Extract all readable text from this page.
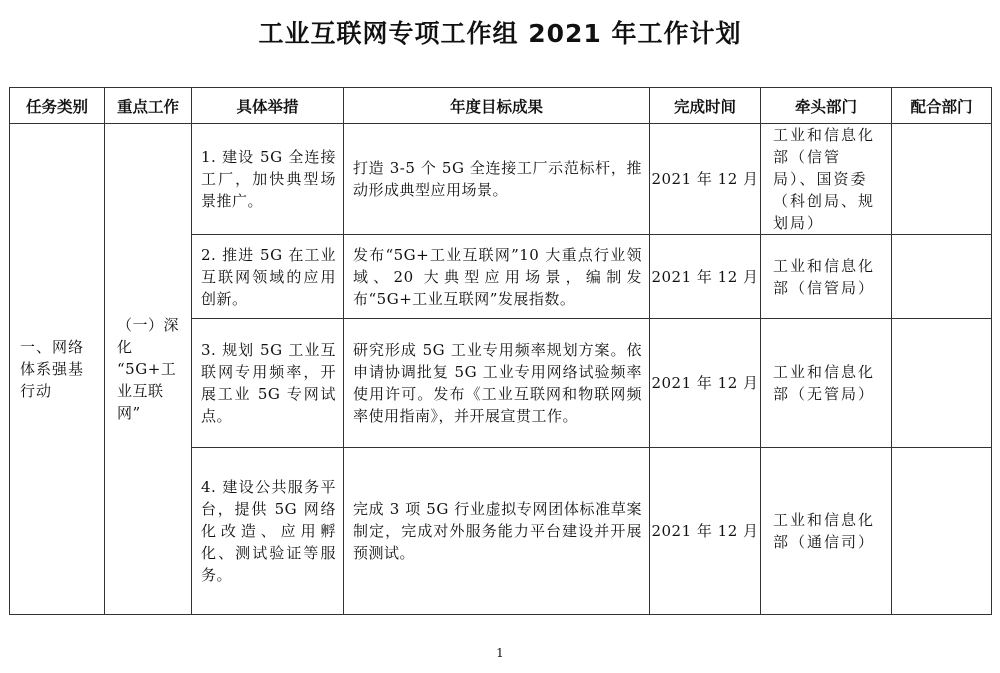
工业互联网专项工作组 2021 年工作计划
任务类别	重点工作	具体举措	年度目标成果	完成时间	牵头部门	配合部门

一、网络体系强基行动	（一）深化 “5G+工业互联网”	1. 建设 5G 全连接工厂，加快典型场景推广。	打造 3-5 个 5G 全连接工厂示范标杆，推动形成典型应用场景。	2021 年 12 月	工业和信息化部（信管局）、国资委（科创局、规划局）	

		2. 推进 5G 在工业互联网领域的应用创新。	发布“5G+工业互联网”10 大重点行业领域、20 大典型应用场景，编制发布“5G+工业互联网”发展指数。	2021 年 12 月	工业和信息化部（信管局）	

		3. 规划 5G 工业互联网专用频率，开展工业 5G 专网试点。	研究形成 5G 工业专用频率规划方案。依申请协调批复 5G 工业专用网络试验频率使用许可。发布《工业互联网和物联网频率使用指南》，并开展宣贯工作。	2021 年 12 月	工业和信息化部（无管局）	

		4. 建设公共服务平台，提供 5G 网络化改造、应用孵化、测试验证等服务。	完成 3 项 5G 行业虚拟专网团体标准草案制定，完成对外服务能力平台建设并开展预测试。	2021 年 12 月	工业和信息化部（通信司）	

1
